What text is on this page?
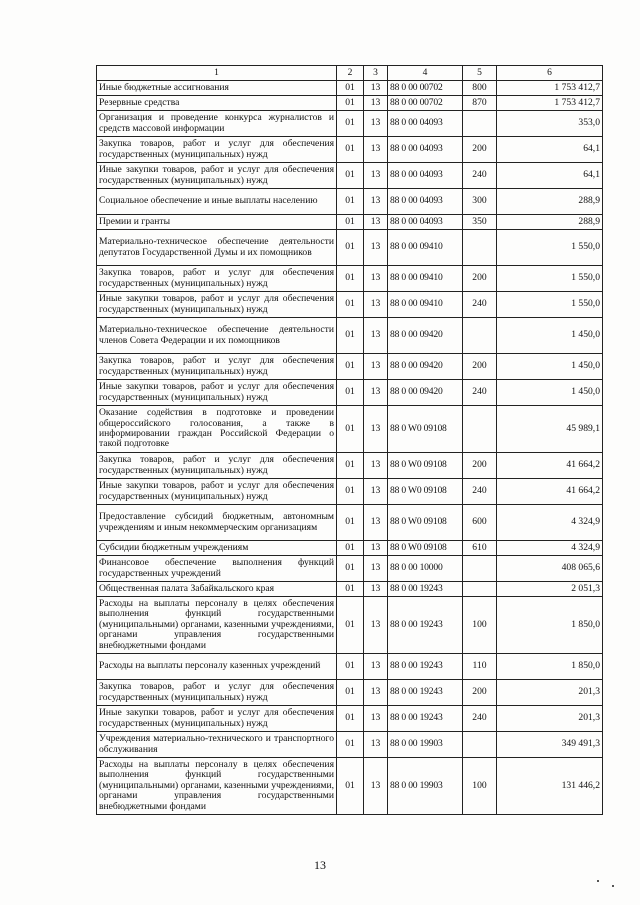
1	2	3	4	5	6
Иные бюджетные ассигнования	01	13	88 0 00 00702	800	1 753 412,7
Резервные средства	01	13	88 0 00 00702	870	1 753 412,7
Организация и проведение конкурса журналистов и средств массовой информации	01	13	88 0 00 04093		353,0
Закупка товаров, работ и услуг для обеспечения государственных (муниципальных) нужд	01	13	88 0 00 04093	200	64,1
Иные закупки товаров, работ и услуг для обеспечения государственных (муниципальных) нужд	01	13	88 0 00 04093	240	64,1
Социальное обеспечение и иные выплаты населению	01	13	88 0 00 04093	300	288,9
Премии и гранты	01	13	88 0 00 04093	350	288,9
Материально-техническое обеспечение деятельности депутатов Государственной Думы и их помощников	01	13	88 0 00 09410		1 550,0
Закупка товаров, работ и услуг для обеспечения государственных (муниципальных) нужд	01	13	88 0 00 09410	200	1 550,0
Иные закупки товаров, работ и услуг для обеспечения государственных (муниципальных) нужд	01	13	88 0 00 09410	240	1 550,0
Материально-техническое обеспечение деятельности членов Совета Федерации и их помощников	01	13	88 0 00 09420		1 450,0
Закупка товаров, работ и услуг для обеспечения государственных (муниципальных) нужд	01	13	88 0 00 09420	200	1 450,0
Иные закупки товаров, работ и услуг для обеспечения государственных (муниципальных) нужд	01	13	88 0 00 09420	240	1 450,0
Оказание содействия в подготовке и проведении общероссийского голосования, а также в информировании граждан Российской Федерации о такой подготовке	01	13	88 0 W0 09108		45 989,1
Закупка товаров, работ и услуг для обеспечения государственных (муниципальных) нужд	01	13	88 0 W0 09108	200	41 664,2
Иные закупки товаров, работ и услуг для обеспечения государственных (муниципальных) нужд	01	13	88 0 W0 09108	240	41 664,2
Предоставление субсидий бюджетным, автономным учреждениям и иным некоммерческим организациям	01	13	88 0 W0 09108	600	4 324,9
Субсидии бюджетным учреждениям	01	13	88 0 W0 09108	610	4 324,9
Финансовое обеспечение выполнения функций государственных учреждений	01	13	88 0 00 10000		408 065,6
Общественная палата Забайкальского края	01	13	88 0 00 19243		2 051,3
Расходы на выплаты персоналу в целях обеспечения выполнения функций государственными (муниципальными) органами, казенными учреждениями, органами управления государственными внебюджетными фондами	01	13	88 0 00 19243	100	1 850,0
Расходы на выплаты персоналу казенных учреждений	01	13	88 0 00 19243	110	1 850,0
Закупка товаров, работ и услуг для обеспечения государственных (муниципальных) нужд	01	13	88 0 00 19243	200	201,3
Иные закупки товаров, работ и услуг для обеспечения государственных (муниципальных) нужд	01	13	88 0 00 19243	240	201,3
Учреждения материально-технического и транспортного обслуживания	01	13	88 0 00 19903		349 491,3
Расходы на выплаты персоналу в целях обеспечения выполнения функций государственными (муниципальными) органами, казенными учреждениями, органами управления государственными внебюджетными фондами	01	13	88 0 00 19903	100	131 446,2
13
